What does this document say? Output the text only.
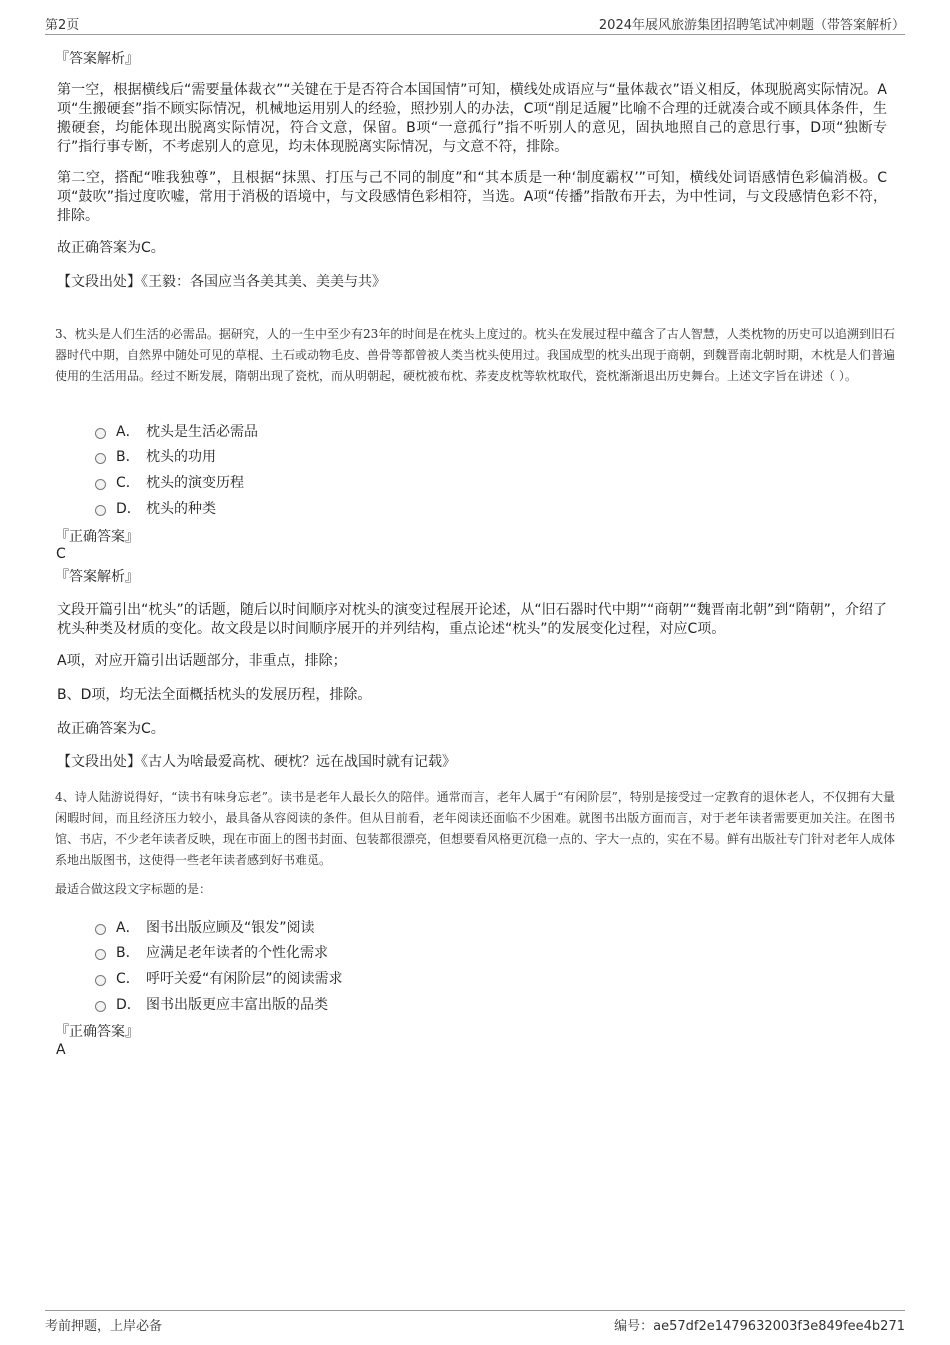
第2页	2024年展风旅游集团招聘笔试冲刺题（带答案解析）
『答案解析』
第一空，根据横线后“需要量体裁衣”“关键在于是否符合本国国情”可知，横线处成语应与“量体裁衣”语义相反，体现脱离实际情况。A项“生搬硬套”指不顾实际情况，机械地运用别人的经验，照抄别人的办法，C项“削足适履”比喻不合理的迁就凑合或不顾具体条件，生搬硬套，均能体现出脱离实际情况，符合文意，保留。B项“一意孤行”指不听别人的意见，固执地照自己的意思行事，D项“独断专行”指行事专断，不考虑别人的意见，均未体现脱离实际情况，与文意不符，排除。
第二空，搭配“唯我独尊”，且根据“抹黑、打压与己不同的制度”和“其本质是一种‘制度霸权’”可知，横线处词语感情色彩偏消极。C项“鼓吹”指过度吹嘘，常用于消极的语境中，与文段感情色彩相符，当选。A项“传播”指散布开去，为中性词，与文段感情色彩不符，排除。
故正确答案为C。
【文段出处】《王毅：各国应当各美其美、美美与共》
3、枕头是人们生活的必需品。据研究，人的一生中至少有23年的时间是在枕头上度过的。枕头在发展过程中蕴含了古人智慧，人类枕物的历史可以追溯到旧石器时代中期，自然界中随处可见的草棍、土石或动物毛皮、兽骨等都曾被人类当枕头使用过。我国成型的枕头出现于商朝，到魏晋南北朝时期，木枕是人们普遍使用的生活用品。经过不断发展，隋朝出现了瓷枕，而从明朝起，硬枕被布枕、荞麦皮枕等软枕取代，瓷枕渐渐退出历史舞台。上述文字旨在讲述（ ）。
A． 枕头是生活必需品
B． 枕头的功用
C． 枕头的演变历程
D． 枕头的种类
『正确答案』
C
『答案解析』
文段开篇引出“枕头”的话题，随后以时间顺序对枕头的演变过程展开论述，从“旧石器时代中期”“商朝”“魏晋南北朝”到“隋朝”，介绍了枕头种类及材质的变化。故文段是以时间顺序展开的并列结构，重点论述“枕头”的发展变化过程，对应C项。
A项，对应开篇引出话题部分，非重点，排除；
B、D项，均无法全面概括枕头的发展历程，排除。
故正确答案为C。
【文段出处】《古人为啥最爱高枕、硬枕？远在战国时就有记载》
4、诗人陆游说得好，“读书有味身忘老”。读书是老年人最长久的陪伴。通常而言，老年人属于“有闲阶层”，特别是接受过一定教育的退休老人，不仅拥有大量闲暇时间，而且经济压力较小，最具备从容阅读的条件。但从目前看，老年阅读还面临不少困难。就图书出版方面而言，对于老年读者需要更加关注。在图书馆、书店，不少老年读者反映，现在市面上的图书封面、包装都很漂亮，但想要看风格更沉稳一点的、字大一点的，实在不易。鲜有出版社专门针对老年人成体系地出版图书，这使得一些老年读者感到好书难觅。
最适合做这段文字标题的是：
A． 图书出版应顾及“银发”阅读
B． 应满足老年读者的个性化需求
C． 呼吁关爱“有闲阶层”的阅读需求
D． 图书出版更应丰富出版的品类
『正确答案』
A
考前押题，上岸必备	编号：ae57df2e1479632003f3e849fee4b271
